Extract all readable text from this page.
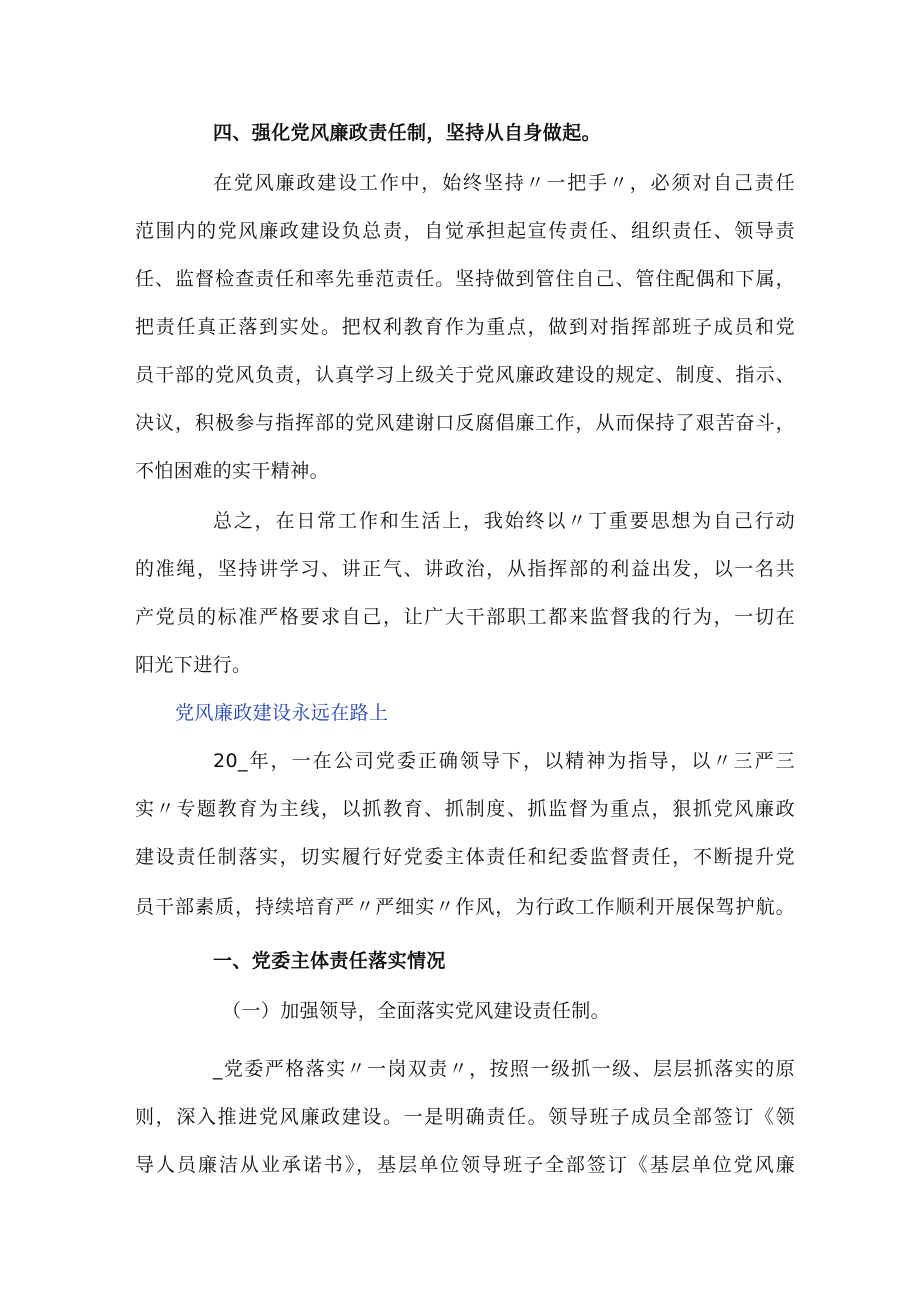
四、强化党风廉政责任制，坚持从自身做起。
在党风廉政建设工作中，始终坚持〃一把手〃，必须对自己责任
范围内的党风廉政建设负总责，自觉承担起宣传责任、组织责任、领导责
任、监督检查责任和率先垂范责任。坚持做到管住自己、管住配偶和下属，
把责任真正落到实处。把权利教育作为重点，做到对指挥部班子成员和党
员干部的党风负责，认真学习上级关于党风廉政建设的规定、制度、指示、
决议，积极参与指挥部的党风建谢口反腐倡廉工作，从而保持了艰苦奋斗，
不怕困难的实干精神。
总之，在日常工作和生活上，我始终以〃丁重要思想为自己行动
的准绳，坚持讲学习、讲正气、讲政治，从指挥部的利益出发，以一名共
产党员的标准严格要求自己，让广大干部职工都来监督我的行为，一切在
阳光下进行。
党风廉政建设永远在路上
20_年，一在公司党委正确领导下，以精神为指导，以〃三严三
实〃专题教育为主线，以抓教育、抓制度、抓监督为重点，狠抓党风廉政
建设责任制落实，切实履行好党委主体责任和纪委监督责任，不断提升党
员干部素质，持续培育严〃严细实〃作风，为行政工作顺利开展保驾护航。
一、党委主体责任落实情况
（一）加强领导，全面落实党风建设责任制。
_党委严格落实〃一岗双责〃，按照一级抓一级、层层抓落实的原
则，深入推进党风廉政建设。一是明确责任。领导班子成员全部签订《领
导人员廉洁从业承诺书》，基层单位领导班子全部签订《基层单位党风廉
